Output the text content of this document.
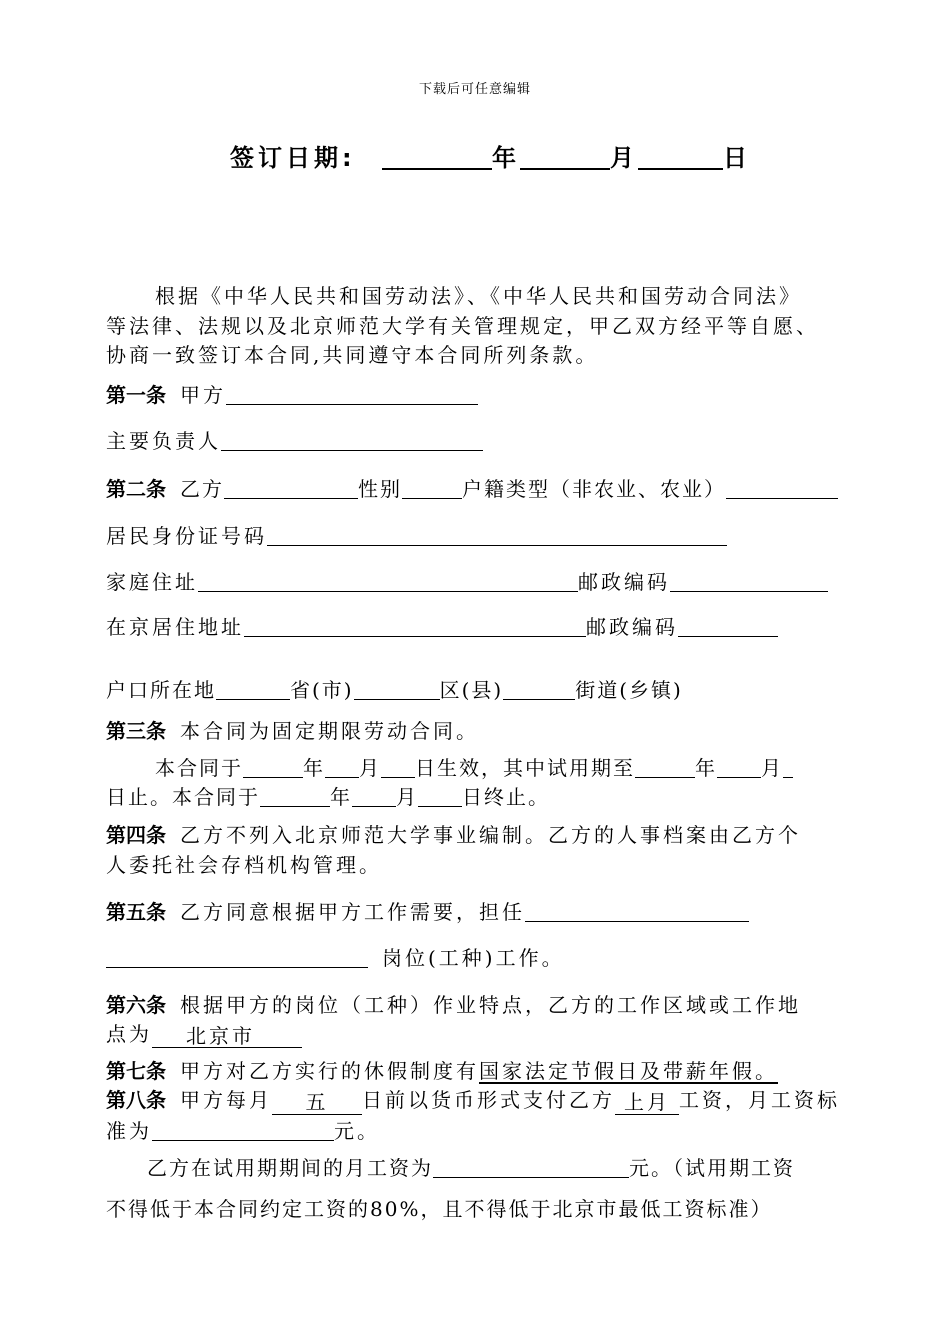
下载后可任意编辑
签订日期:	年	月	日
根据《中华人民共和国劳动法》、《中华人民共和国劳动合同法》
等法律、法规以及北京师范大学有关管理规定，甲乙双方经平等自愿、
协商一致签订本合同,共同遵守本合同所列条款。
第一条 甲方
主要负责人
第二条 乙方	性别	户籍类型（非农业、农业）
居民身份证号码
家庭住址	邮政编码
在京居住地址	邮政编码
户口所在地	省(市)	区(县)	街道(乡镇)
第三条 本合同为固定期限劳动合同。
本合同于	年 月 日生效，其中试用期至	年 月
日止。本合同于	年 月 日终止。
第四条 乙方不列入北京师范大学事业编制。乙方的人事档案由乙方个
人委托社会存档机构管理。
第五条 乙方同意根据甲方工作需要，担任
岗位(工种)工作。
第六条 根据甲方的岗位（工种）作业特点，乙方的工作区域或工作地
点为 北京市
第七条 甲方对乙方实行的休假制度有国家法定节假日及带薪年假。
第八条 甲方每月 五 日前以货币形式支付乙方 上月 工资，月工资标
准为	元。
乙方在试用期期间的月工资为	元。（试用期工资
不得低于本合同约定工资的80%，且不得低于北京市最低工资标准）
